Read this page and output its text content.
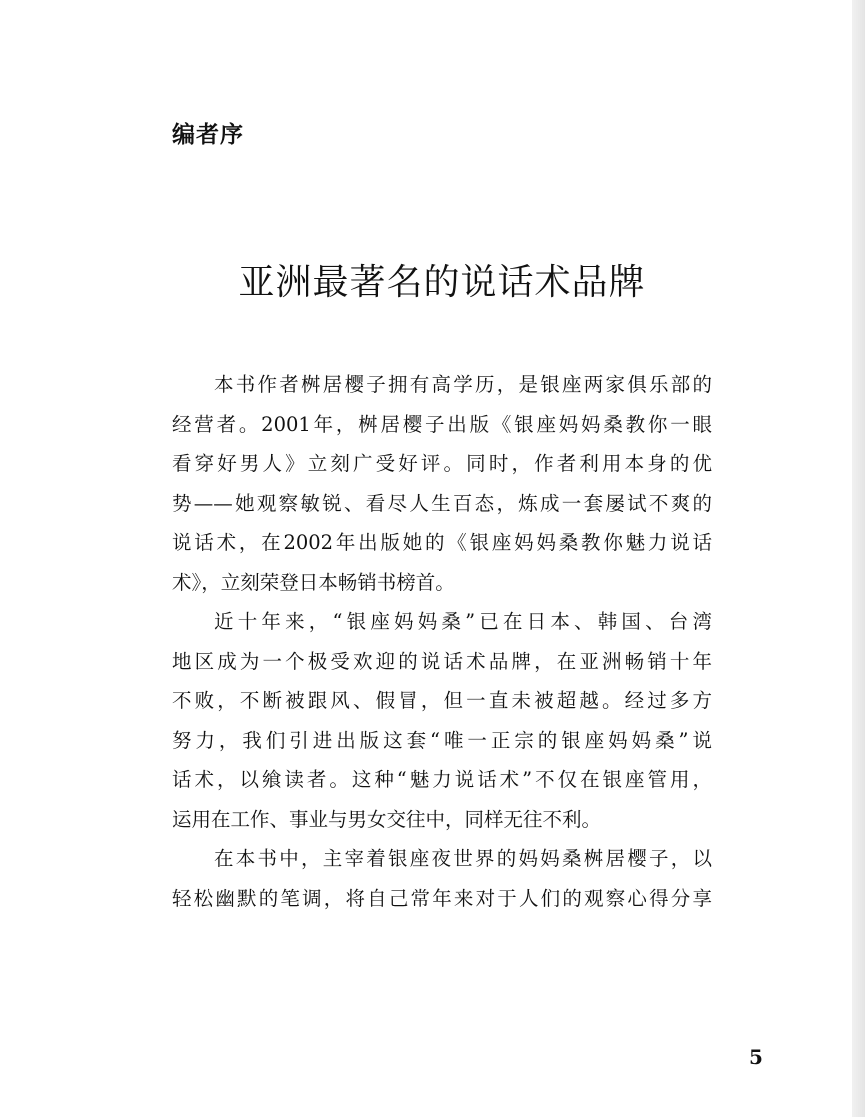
编者序
亚洲最著名的说话术品牌
本书作者桝居樱子拥有高学历，是银座两家俱乐部的
经营者。2001年，桝居樱子出版《银座妈妈桑教你一眼
看穿好男人》立刻广受好评。同时，作者利用本身的优
势——她观察敏锐、看尽人生百态，炼成一套屡试不爽的
说话术，在2002年出版她的《银座妈妈桑教你魅力说话
术》，立刻荣登日本畅销书榜首。
近十年来，“银座妈妈桑”已在日本、韩国、台湾
地区成为一个极受欢迎的说话术品牌，在亚洲畅销十年
不败，不断被跟风、假冒，但一直未被超越。经过多方
努力，我们引进出版这套“唯一正宗的银座妈妈桑”说
话术，以飨读者。这种“魅力说话术”不仅在银座管用，
运用在工作、事业与男女交往中，同样无往不利。
在本书中，主宰着银座夜世界的妈妈桑桝居樱子，以
轻松幽默的笔调，将自己常年来对于人们的观察心得分享
5
